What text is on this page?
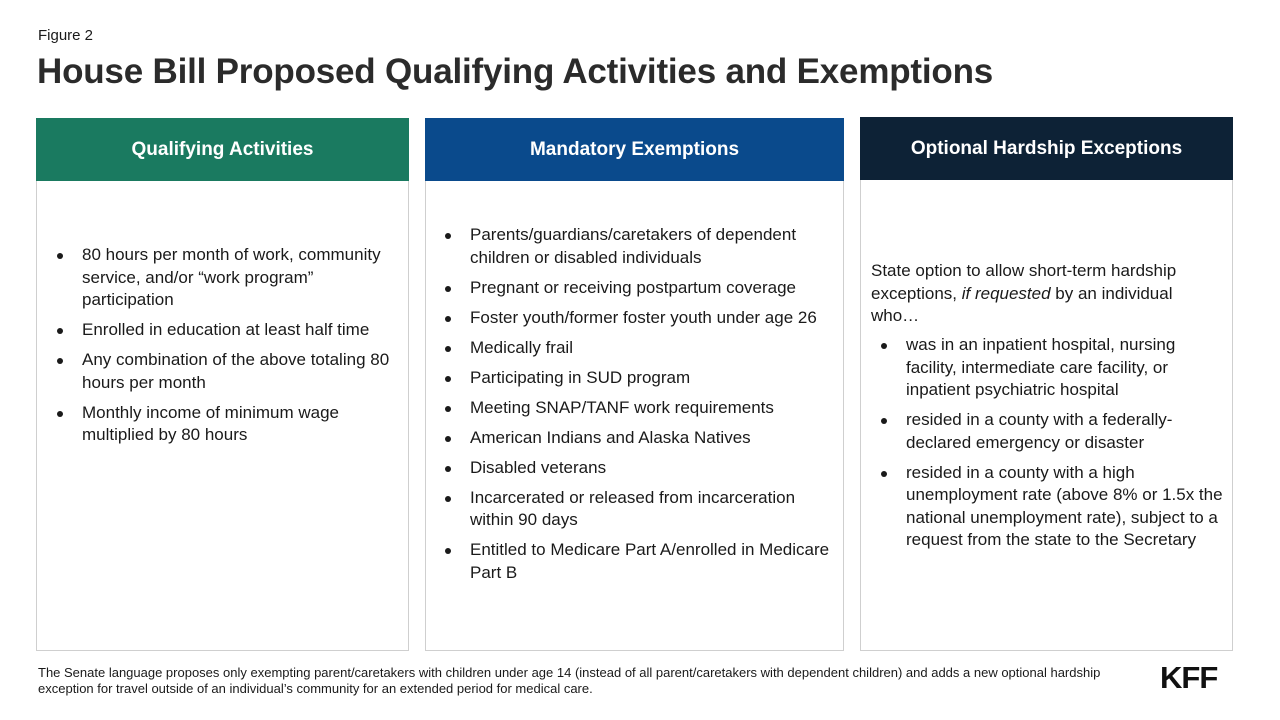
Figure 2
House Bill Proposed Qualifying Activities and Exemptions
Qualifying Activities
80 hours per month of work, community service, and/or “work program” participation
Enrolled in education at least half time
Any combination of the above totaling 80 hours per month
Monthly income of minimum wage multiplied by 80 hours
Mandatory Exemptions
Parents/guardians/caretakers of dependent children or disabled individuals
Pregnant or receiving postpartum coverage
Foster youth/former foster youth under age 26
Medically frail
Participating in SUD program
Meeting SNAP/TANF work requirements
American Indians and Alaska Natives
Disabled veterans
Incarcerated or released from incarceration within 90 days
Entitled to Medicare Part A/enrolled in Medicare Part B
Optional Hardship Exceptions
State option to allow short-term hardship exceptions, if requested by an individual who…
was in an inpatient hospital, nursing facility, intermediate care facility, or inpatient psychiatric hospital
resided in a county with a federally-declared emergency or disaster
resided in a county with a high unemployment rate (above 8% or 1.5x the national unemployment rate), subject to a request from the state to the Secretary
The Senate language proposes only exempting parent/caretakers with children under age 14 (instead of all parent/caretakers with dependent children) and adds a new optional hardship exception for travel outside of an individual’s community for an extended period for medical care.	KFF
